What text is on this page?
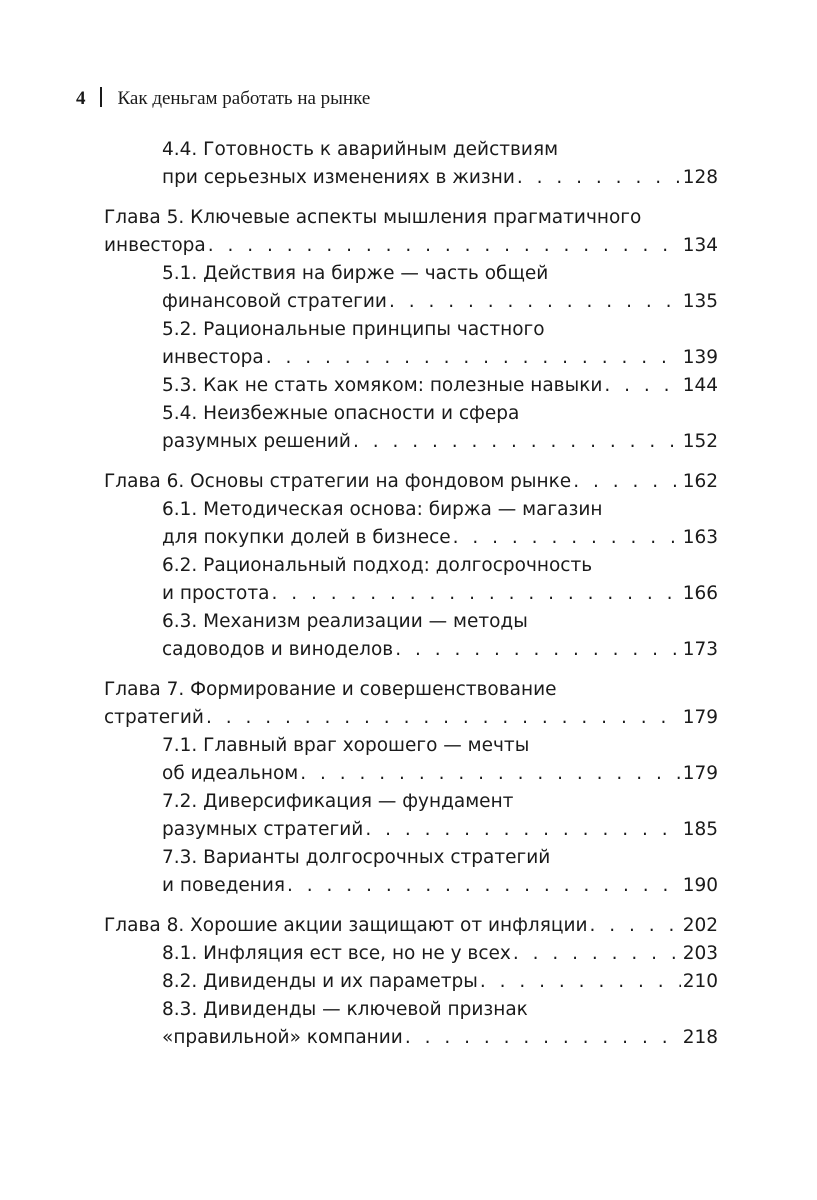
4 Как деньгам работать на рынке
4.4. Готовность к аварийным действиям
при серьезных изменениях в жизни . . .	128
Глава 5. Ключевые аспекты мышления прагматичного
инвестора . . .	134
5.1. Действия на бирже — часть общей
финансовой стратегии . . .	135
5.2. Рациональные принципы частного
инвестора . . .	139
5.3. Как не стать хомяком: полезные навыки . . .	144
5.4. Неизбежные опасности и сфера
разумных решений . . .	152
Глава 6. Основы стратегии на фондовом рынке . . .	162
6.1. Методическая основа: биржа — магазин
для покупки долей в бизнесе . . .	163
6.2. Рациональный подход: долгосрочность
и простота . . .	166
6.3. Механизм реализации — методы
садоводов и виноделов . . .	173
Глава 7. Формирование и совершенствование
стратегий . . .	179
7.1. Главный враг хорошего — мечты
об идеальном . . .	179
7.2. Диверсификация — фундамент
разумных стратегий . . .	185
7.3. Варианты долгосрочных стратегий
и поведения . . .	190
Глава 8. Хорошие акции защищают от инфляции . . .	202
8.1. Инфляция ест все, но не у всех . . .	203
8.2. Дивиденды и их параметры . . .	210
8.3. Дивиденды — ключевой признак
«правильной» компании . . .	218
